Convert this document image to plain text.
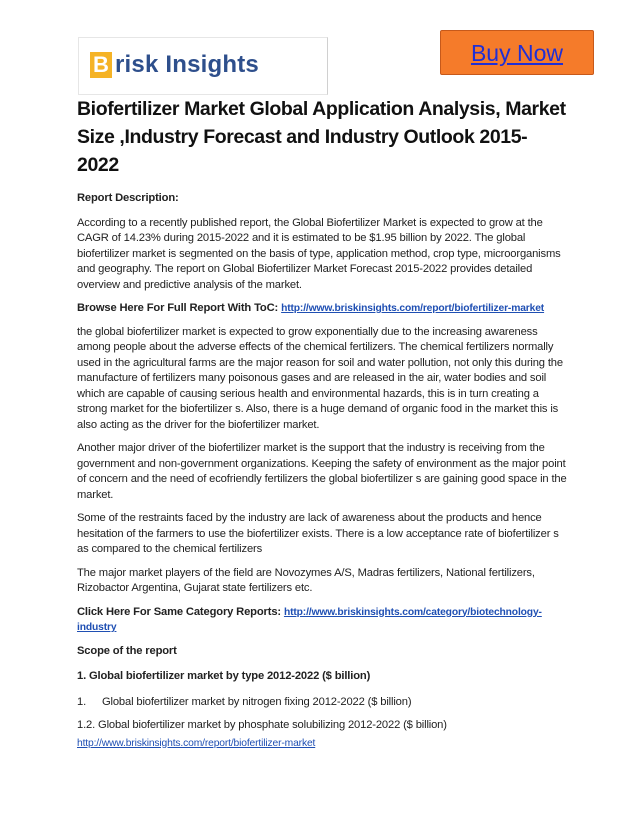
B risk Insights	Buy Now
Biofertilizer Market Global Application Analysis, Market Size ,Industry Forecast and Industry Outlook 2015-2022

Report Description:

According to a recently published report, the Global Biofertilizer Market is expected to grow at the CAGR of 14.23% during 2015-2022 and it is estimated to be $1.95 billion by 2022. The global biofertilizer market is segmented on the basis of type, application method, crop type, microorganisms and geography. The report on Global Biofertilizer Market Forecast 2015-2022 provides detailed overview and predictive analysis of the market.

Browse Here For Full Report With ToC: http://www.briskinsights.com/report/biofertilizer-market

the global biofertilizer market is expected to grow exponentially due to the increasing awareness among people about the adverse effects of the chemical fertilizers. The chemical fertilizers normally used in the agricultural farms are the major reason for soil and water pollution, not only this during the manufacture of fertilizers many poisonous gases and are released in the air, water bodies and soil which are capable of causing serious health and environmental hazards, this is in turn creating a strong market for the biofertilizer s. Also, there is a huge demand of organic food in the market this is also acting as the driver for the biofertilizer market.

Another major driver of the biofertilizer market is the support that the industry is receiving from the government and non-government organizations. Keeping the safety of environment as the major point of concern and the need of ecofriendly fertilizers the global biofertilizer s are gaining good space in the market.

Some of the restraints faced by the industry are lack of awareness about the products and hence hesitation of the farmers to use the biofertilizer exists. There is a low acceptance rate of biofertilizer s as compared to the chemical fertilizers

The major market players of the field are Novozymes A/S, Madras fertilizers, National fertilizers, Rizobactor Argentina, Gujarat state fertilizers etc.

Click Here For Same Category Reports: http://www.briskinsights.com/category/biotechnology-industry

Scope of the report

1. Global biofertilizer market by type 2012-2022 ($ billion)

1. Global biofertilizer market by nitrogen fixing 2012-2022 ($ billion)

1.2. Global biofertilizer market by phosphate solubilizing 2012-2022 ($ billion)

http://www.briskinsights.com/report/biofertilizer-market
